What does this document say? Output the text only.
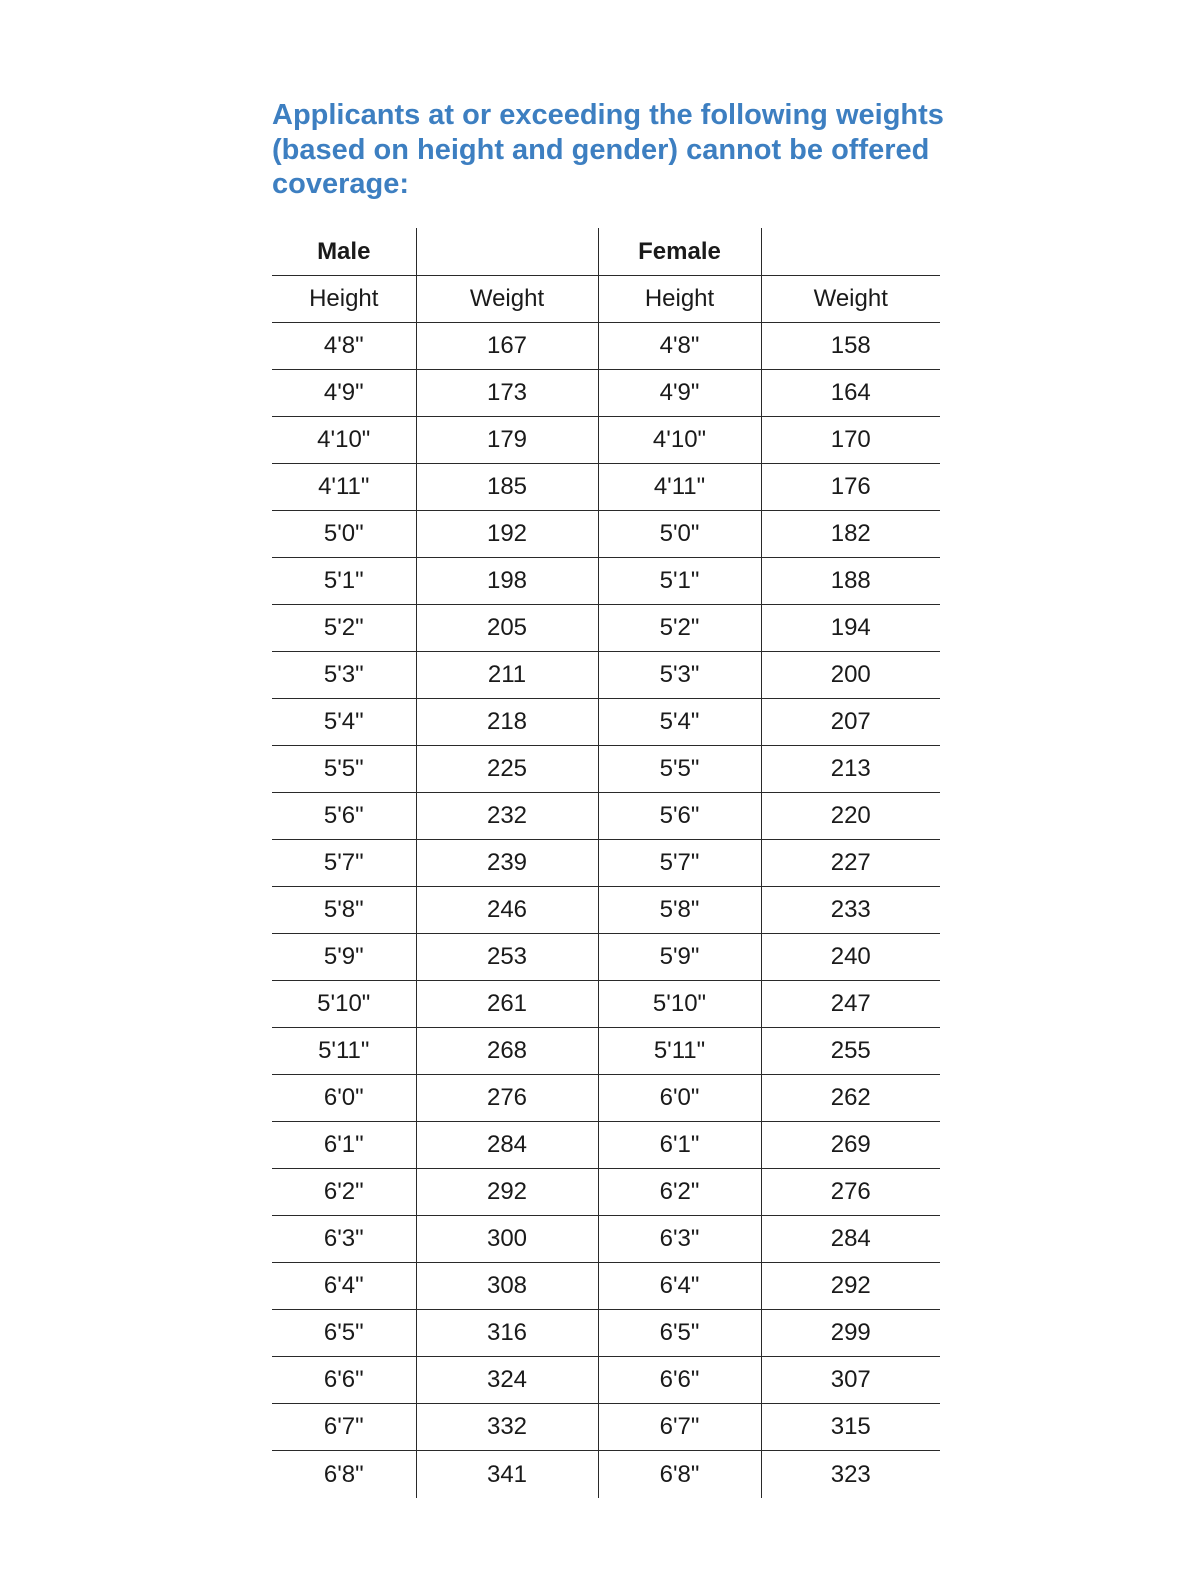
Applicants at or exceeding the following weights (based on height and gender) cannot be offered coverage:
Male		Female	
Height	Weight	Height	Weight
4'8"	167	4'8"	158
4'9"	173	4'9"	164
4'10"	179	4'10"	170
4'11"	185	4'11"	176
5'0"	192	5'0"	182
5'1"	198	5'1"	188
5'2"	205	5'2"	194
5'3"	211	5'3"	200
5'4"	218	5'4"	207
5'5"	225	5'5"	213
5'6"	232	5'6"	220
5'7"	239	5'7"	227
5'8"	246	5'8"	233
5'9"	253	5'9"	240
5'10"	261	5'10"	247
5'11"	268	5'11"	255
6'0"	276	6'0"	262
6'1"	284	6'1"	269
6'2"	292	6'2"	276
6'3"	300	6'3"	284
6'4"	308	6'4"	292
6'5"	316	6'5"	299
6'6"	324	6'6"	307
6'7"	332	6'7"	315
6'8"	341	6'8"	323
